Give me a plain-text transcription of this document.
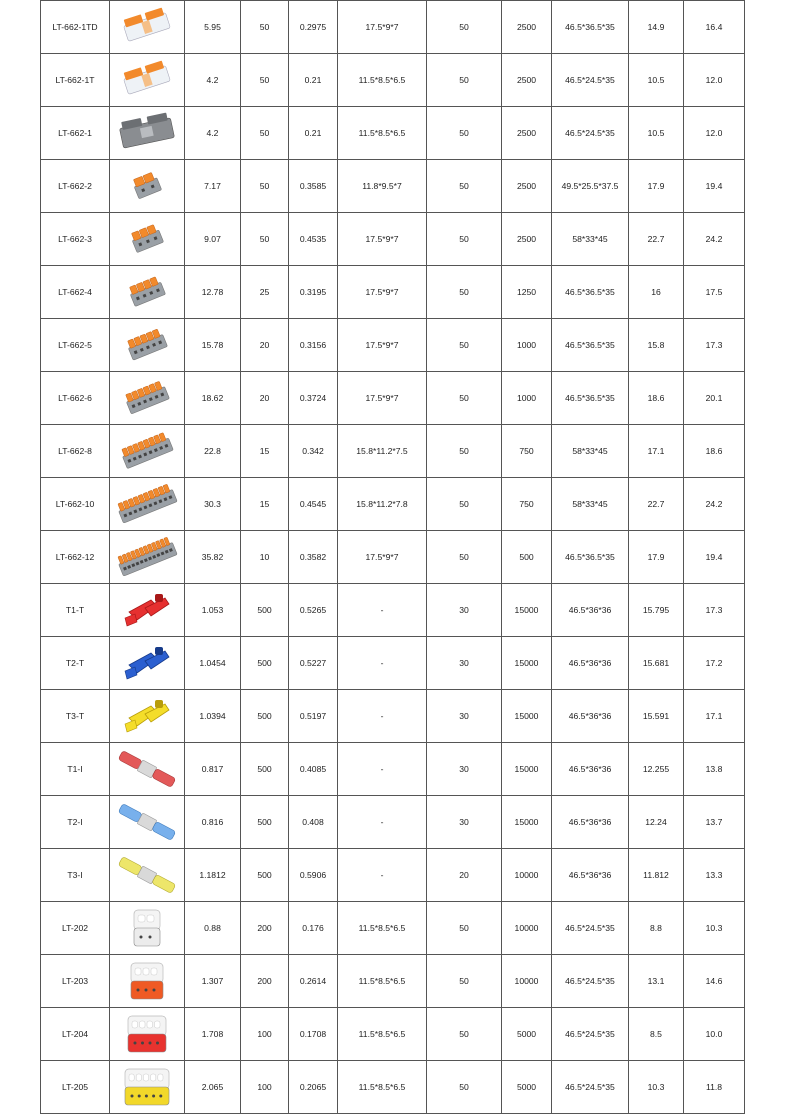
LT-662-1TD		5.95	50	0.2975	17.5*9*7	50	2500	46.5*36.5*35	14.9	16.4
LT-662-1T		4.2	50	0.21	11.5*8.5*6.5	50	2500	46.5*24.5*35	10.5	12.0
LT-662-1		4.2	50	0.21	11.5*8.5*6.5	50	2500	46.5*24.5*35	10.5	12.0
LT-662-2		7.17	50	0.3585	11.8*9.5*7	50	2500	49.5*25.5*37.5	17.9	19.4
LT-662-3		9.07	50	0.4535	17.5*9*7	50	2500	58*33*45	22.7	24.2
LT-662-4		12.78	25	0.3195	17.5*9*7	50	1250	46.5*36.5*35	16	17.5
LT-662-5		15.78	20	0.3156	17.5*9*7	50	1000	46.5*36.5*35	15.8	17.3
LT-662-6		18.62	20	0.3724	17.5*9*7	50	1000	46.5*36.5*35	18.6	20.1
LT-662-8		22.8	15	0.342	15.8*11.2*7.5	50	750	58*33*45	17.1	18.6
LT-662-10		30.3	15	0.4545	15.8*11.2*7.8	50	750	58*33*45	22.7	24.2
LT-662-12		35.82	10	0.3582	17.5*9*7	50	500	46.5*36.5*35	17.9	19.4
T1-T		1.053	500	0.5265	-	30	15000	46.5*36*36	15.795	17.3
T2-T		1.0454	500	0.5227	-	30	15000	46.5*36*36	15.681	17.2
T3-T		1.0394	500	0.5197	-	30	15000	46.5*36*36	15.591	17.1
T1-I		0.817	500	0.4085	-	30	15000	46.5*36*36	12.255	13.8
T2-I		0.816	500	0.408	-	30	15000	46.5*36*36	12.24	13.7
T3-I		1.1812	500	0.5906	-	20	10000	46.5*36*36	11.812	13.3
LT-202		0.88	200	0.176	11.5*8.5*6.5	50	10000	46.5*24.5*35	8.8	10.3
LT-203		1.307	200	0.2614	11.5*8.5*6.5	50	10000	46.5*24.5*35	13.1	14.6
LT-204		1.708	100	0.1708	11.5*8.5*6.5	50	5000	46.5*24.5*35	8.5	10.0
LT-205		2.065	100	0.2065	11.5*8.5*6.5	50	5000	46.5*24.5*35	10.3	11.8
